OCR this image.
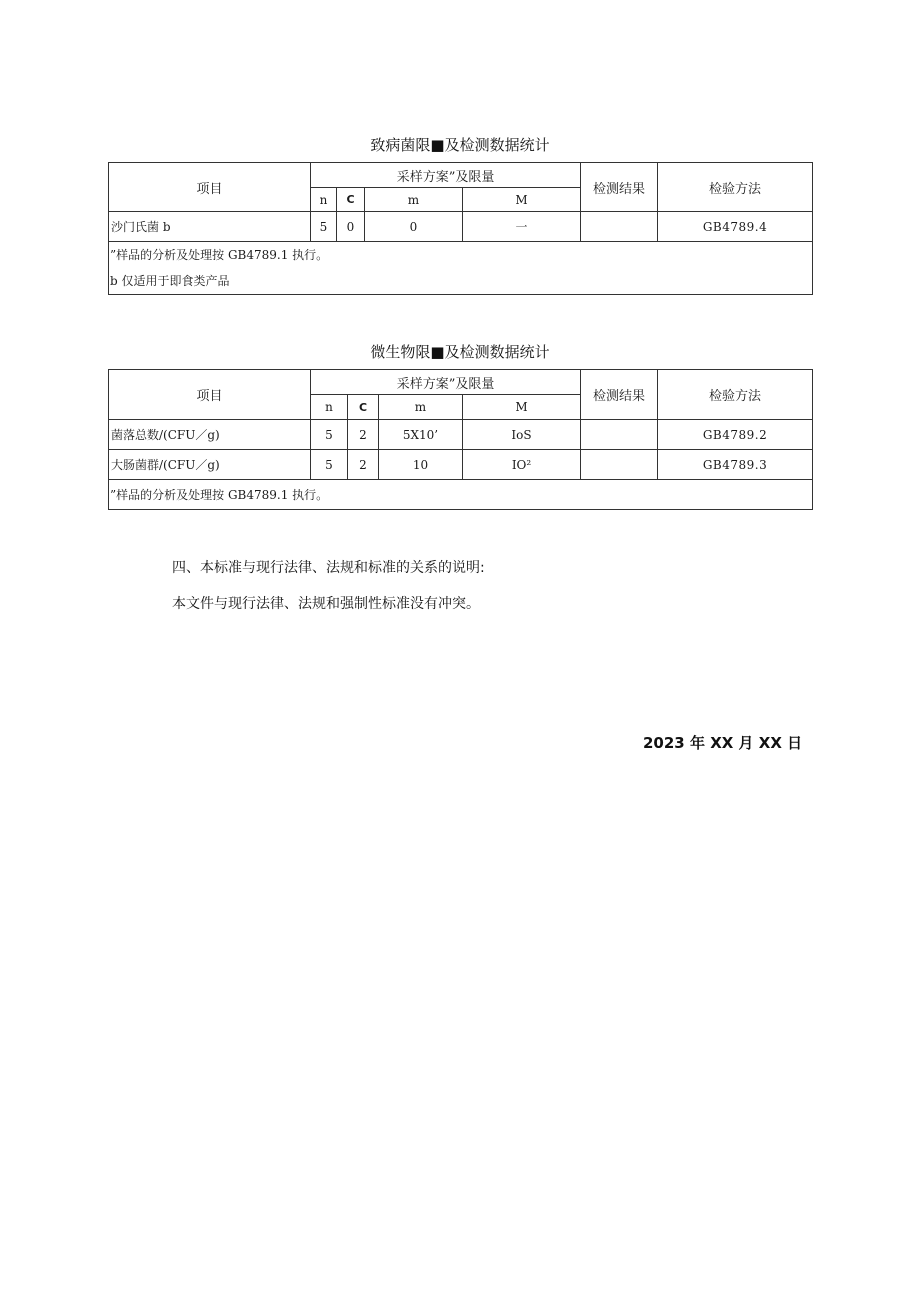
致病菌限■及检测数据统计
项目	采样方案”及限量				检测结果	检验方法
	n	C	m	M		
沙门氏菌 b	5	0	0	一		GB4789.4

”样品的分析及处理按 GB4789.1 执行。
b 仅适用于即食类产品						
微生物限■及检测数据统计
项目	采样方案”及限量				检测结果	检验方法
	n	C	m	M		
菌落总数/(CFU／g)	5	2	5X10’	IoS		GB4789.2
大肠菌群/(CFU／g)	5	2	10	IO²		GB4789.3

”样品的分析及处理按 GB4789.1 执行。						
四、本标准与现行法律、法规和标准的关系的说明:
本文件与现行法律、法规和强制性标准没有冲突。
2023 年 XX 月 XX 日
